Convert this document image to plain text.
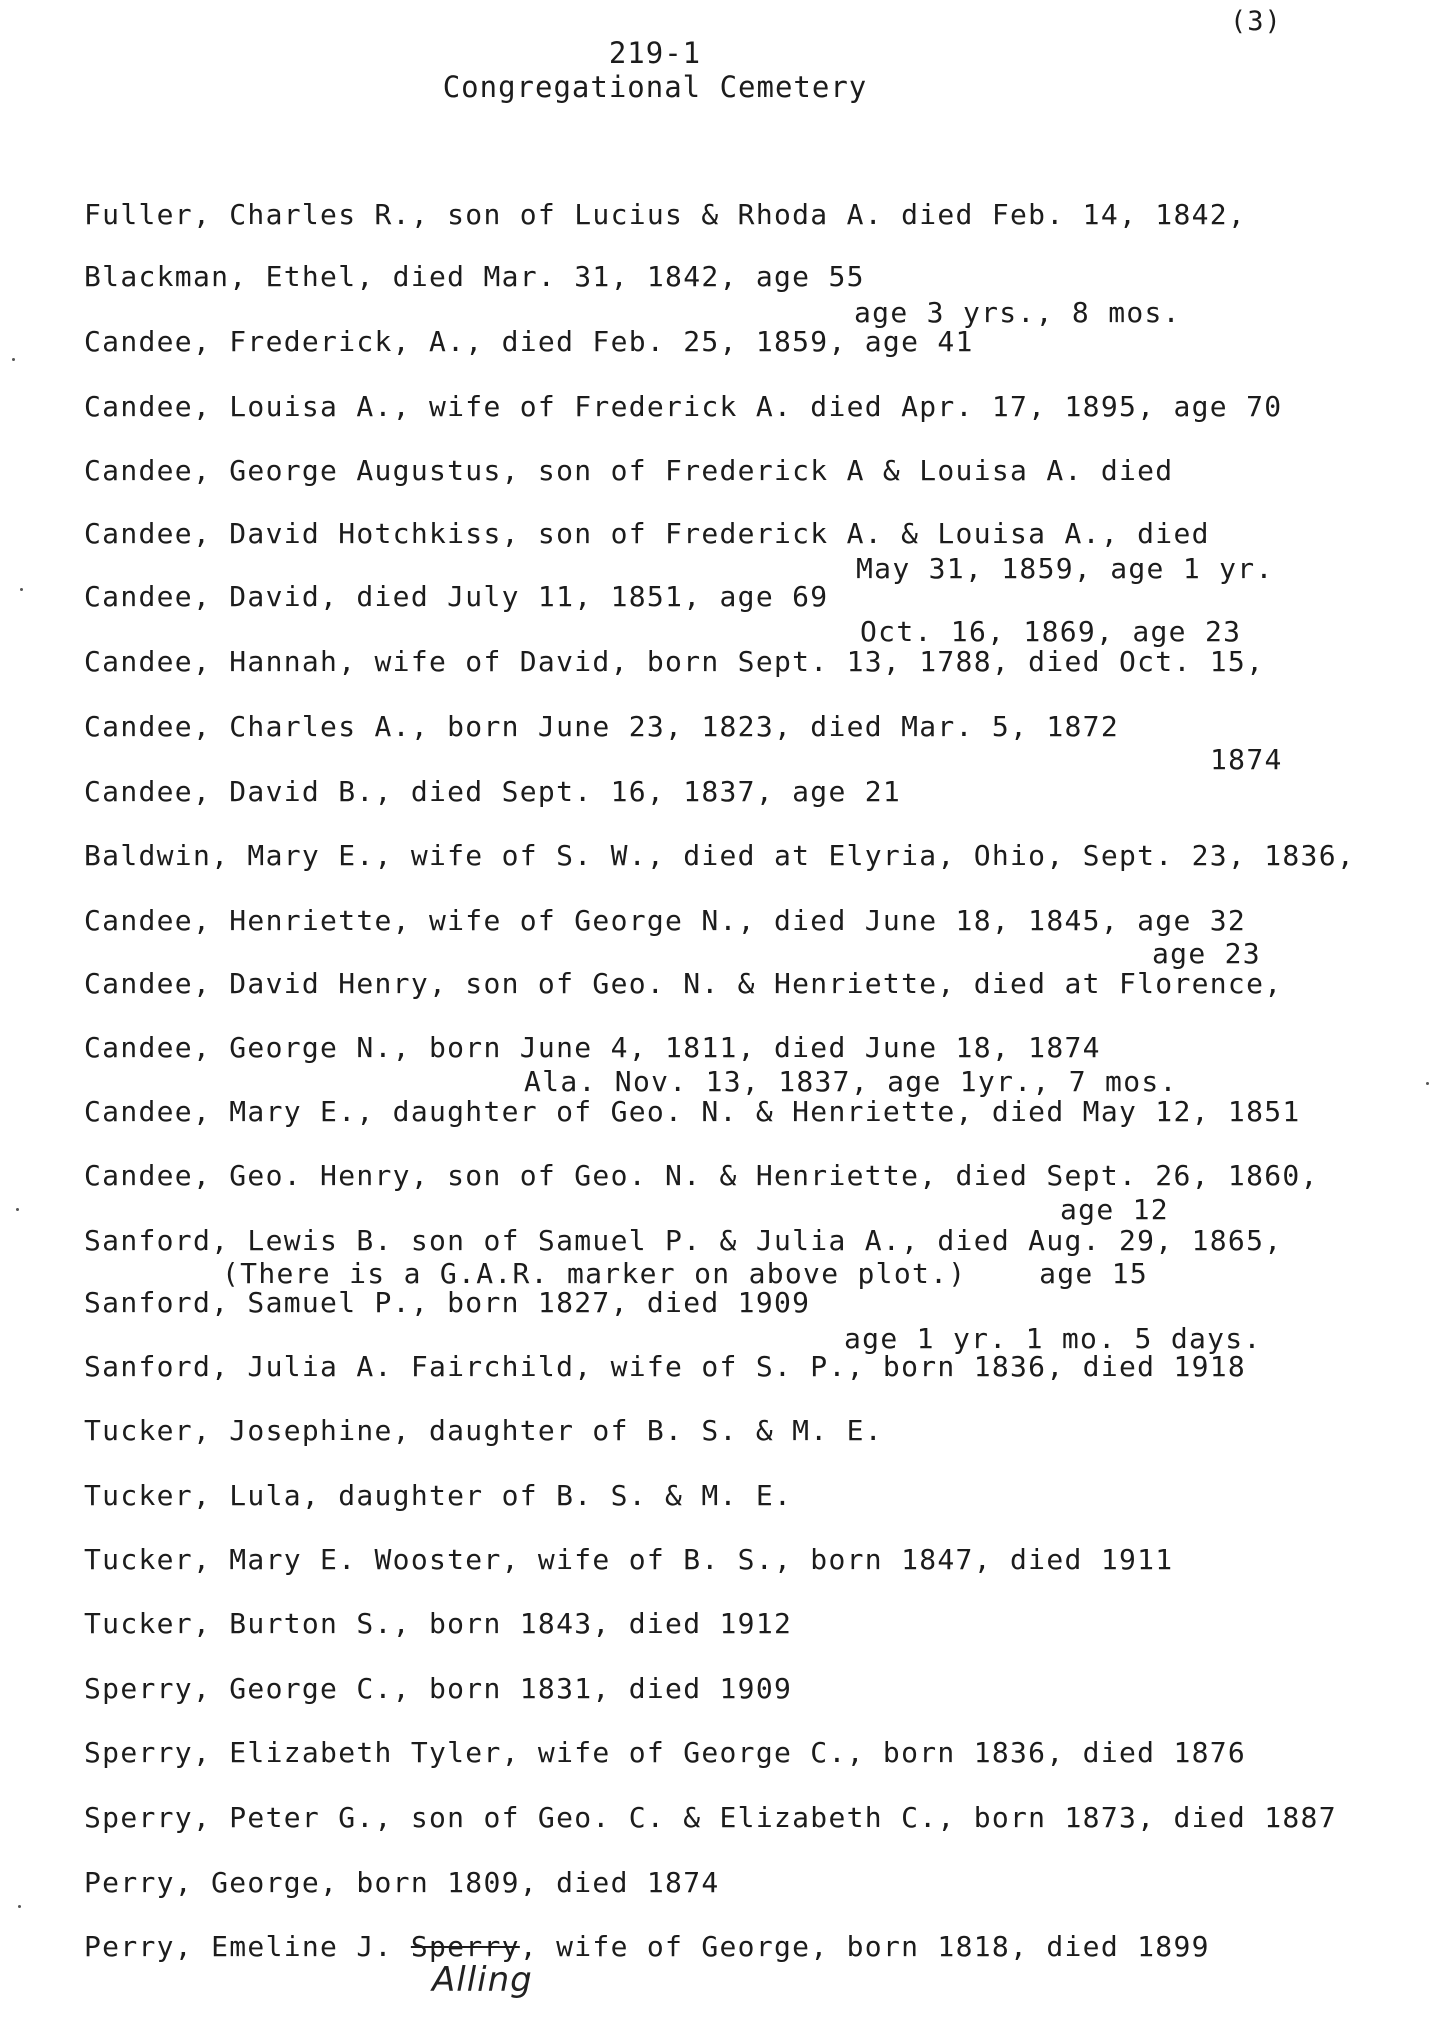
(3)
219-1
Congregational Cemetery

Fuller, Charles R., son of Lucius & Rhoda A. died Feb. 14, 1842,

age 3 yrs., 8 mos.

Blackman, Ethel, died Mar. 31, 1842, age 55

Candee, Frederick, A., died Feb. 25, 1859, age 41

Candee, Louisa A., wife of Frederick A. died Apr. 17, 1895, age 70

Candee, George Augustus, son of Frederick A & Louisa A. died

May 31, 1859, age 1 yr.

Candee, David Hotchkiss, son of Frederick A. & Louisa A., died

Oct. 16, 1869, age 23

Candee, David, died July 11, 1851, age 69

Candee, Hannah, wife of David, born Sept. 13, 1788, died Oct. 15,

1874

Candee, Charles A., born June 23, 1823, died Mar. 5, 1872

Candee, David B., died Sept. 16, 1837, age 21

Baldwin, Mary E., wife of S. W., died at Elyria, Ohio, Sept. 23, 1836,

age 23

Candee, Henriette, wife of George N., died June 18, 1845, age 32

Candee, David Henry, son of Geo. N. & Henriette, died at Florence,

Ala. Nov. 13, 1837, age 1yr., 7 mos.

Candee, George N., born June 4, 1811, died June 18, 1874

Candee, Mary E., daughter of Geo. N. & Henriette, died May 12, 1851

age 12

Candee, Geo. Henry, son of Geo. N. & Henriette, died Sept. 26, 1860,

(There is a G.A.R. marker on above plot.)    age 15

Sanford, Lewis B. son of Samuel P. & Julia A., died Aug. 29, 1865,

age 1 yr. 1 mo. 5 days.

Sanford, Samuel P., born 1827, died 1909

Sanford, Julia A. Fairchild, wife of S. P., born 1836, died 1918

Tucker, Josephine, daughter of B. S. & M. E.

Tucker, Lula, daughter of B. S. & M. E.

Tucker, Mary E. Wooster, wife of B. S., born 1847, died 1911

Tucker, Burton S., born 1843, died 1912

Sperry, George C., born 1831, died 1909

Sperry, Elizabeth Tyler, wife of George C., born 1836, died 1876

Sperry, Peter G., son of Geo. C. & Elizabeth C., born 1873, died 1887

Perry, George, born 1809, died 1874

Perry, Emeline J. Sperry, wife of George, born 1818, died 1899

Alling
